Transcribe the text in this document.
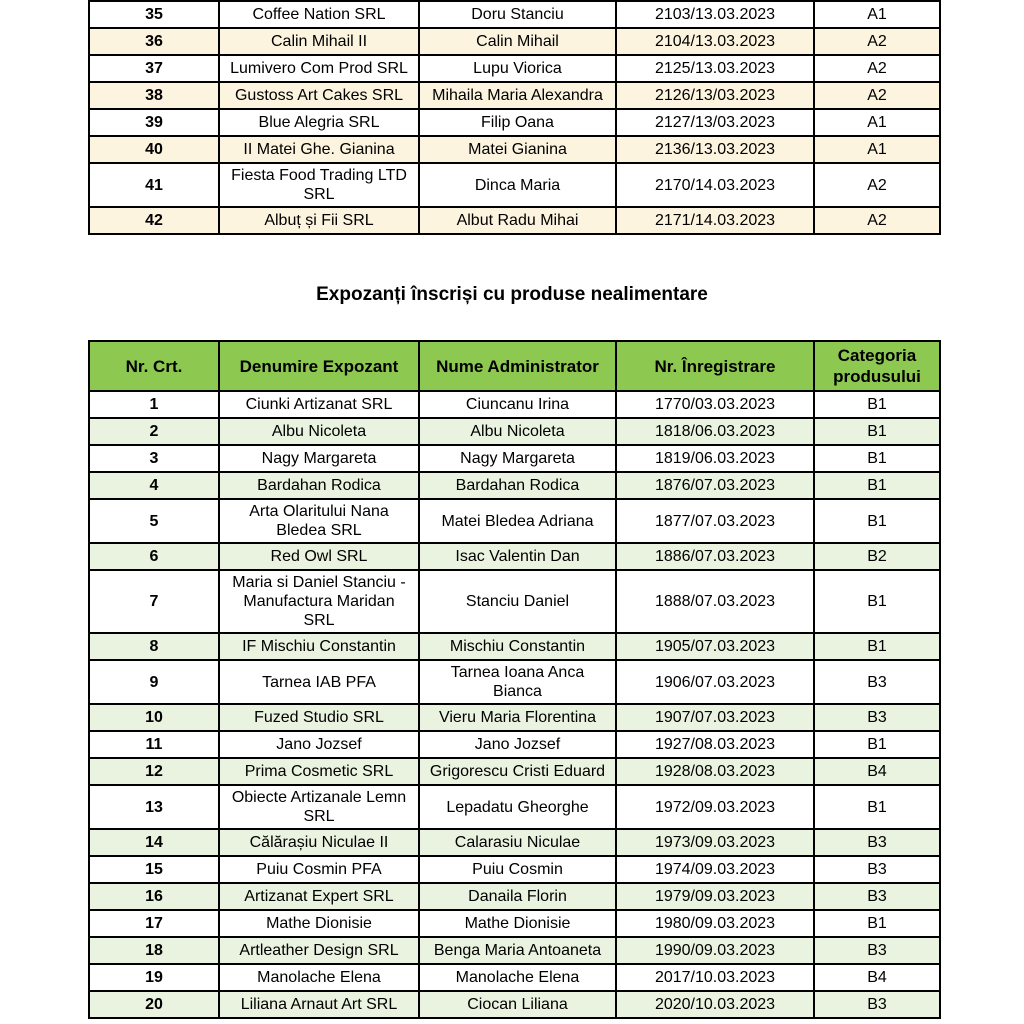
35	Coffee Nation SRL	Doru Stanciu	2103/13.03.2023	A1
36	Calin Mihail II	Calin Mihail	2104/13.03.2023	A2
37	Lumivero Com Prod SRL	Lupu Viorica	2125/13.03.2023	A2
38	Gustoss Art Cakes SRL	Mihaila Maria Alexandra	2126/13/03.2023	A2
39	Blue Alegria SRL	Filip Oana	2127/13/03.2023	A1
40	II Matei Ghe. Gianina	Matei Gianina	2136/13.03.2023	A1
41	Fiesta Food Trading LTD SRL	Dinca Maria	2170/14.03.2023	A2
42	Albuț și Fii SRL	Albut Radu Mihai	2171/14.03.2023	A2
Expozanți înscriși cu produse nealimentare
Nr. Crt.	Denumire Expozant	Nume Administrator	Nr. Înregistrare	Categoria produsului
1	Ciunki Artizanat SRL	Ciuncanu Irina	1770/03.03.2023	B1
2	Albu Nicoleta	Albu Nicoleta	1818/06.03.2023	B1
3	Nagy Margareta	Nagy Margareta	1819/06.03.2023	B1
4	Bardahan Rodica	Bardahan Rodica	1876/07.03.2023	B1
5	Arta Olaritului Nana Bledea SRL	Matei Bledea Adriana	1877/07.03.2023	B1
6	Red Owl SRL	Isac Valentin Dan	1886/07.03.2023	B2
7	Maria si Daniel Stanciu - Manufactura Maridan SRL	Stanciu Daniel	1888/07.03.2023	B1
8	IF Mischiu Constantin	Mischiu Constantin	1905/07.03.2023	B1
9	Tarnea IAB PFA	Tarnea Ioana Anca Bianca	1906/07.03.2023	B3
10	Fuzed Studio SRL	Vieru Maria Florentina	1907/07.03.2023	B3
11	Jano Jozsef	Jano Jozsef	1927/08.03.2023	B1
12	Prima Cosmetic SRL	Grigorescu Cristi Eduard	1928/08.03.2023	B4
13	Obiecte Artizanale Lemn SRL	Lepadatu Gheorghe	1972/09.03.2023	B1
14	Călărașiu Niculae II	Calarasiu Niculae	1973/09.03.2023	B3
15	Puiu Cosmin PFA	Puiu Cosmin	1974/09.03.2023	B3
16	Artizanat Expert SRL	Danaila Florin	1979/09.03.2023	B3
17	Mathe Dionisie	Mathe Dionisie	1980/09.03.2023	B1
18	Artleather Design SRL	Benga Maria Antoaneta	1990/09.03.2023	B3
19	Manolache Elena	Manolache Elena	2017/10.03.2023	B4
20	Liliana Arnaut Art SRL	Ciocan Liliana	2020/10.03.2023	B3
